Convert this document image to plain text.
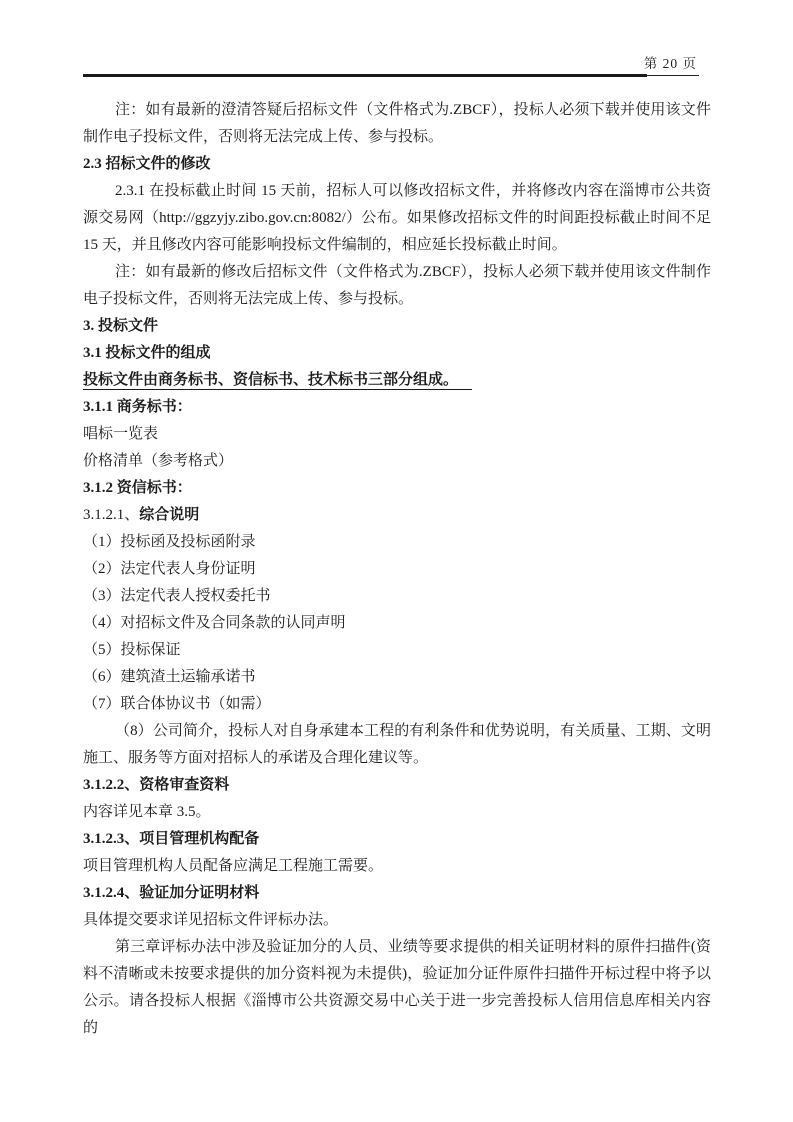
第 20 页

注：如有最新的澄清答疑后招标文件（文件格式为.ZBCF），投标人必须下载并使用该文件制作电子投标文件，否则将无法完成上传、参与投标。

2.3 招标文件的修改

2.3.1 在投标截止时间 15 天前，招标人可以修改招标文件，并将修改内容在淄博市公共资源交易网（http://ggzyjy.zibo.gov.cn:8082/）公布。如果修改招标文件的时间距投标截止时间不足 15 天，并且修改内容可能影响投标文件编制的，相应延长投标截止时间。

注：如有最新的修改后招标文件（文件格式为.ZBCF），投标人必须下载并使用该文件制作电子投标文件，否则将无法完成上传、参与投标。

3. 投标文件

3.1 投标文件的组成

投标文件由商务标书、资信标书、技术标书三部分组成。

3.1.1 商务标书：

唱标一览表

价格清单（参考格式）

3.1.2 资信标书：

3.1.2.1、综合说明

（1）投标函及投标函附录

（2）法定代表人身份证明

（3）法定代表人授权委托书

（4）对招标文件及合同条款的认同声明

（5）投标保证

（6）建筑渣土运输承诺书

（7）联合体协议书（如需）

（8）公司简介，投标人对自身承建本工程的有利条件和优势说明，有关质量、工期、文明施工、服务等方面对招标人的承诺及合理化建议等。

3.1.2.2、资格审查资料

内容详见本章 3.5。

3.1.2.3、项目管理机构配备

项目管理机构人员配备应满足工程施工需要。

3.1.2.4、验证加分证明材料

具体提交要求详见招标文件评标办法。

第三章评标办法中涉及验证加分的人员、业绩等要求提供的相关证明材料的原件扫描件(资料不清晰或未按要求提供的加分资料视为未提供)，验证加分证件原件扫描件开标过程中将予以公示。请各投标人根据《淄博市公共资源交易中心关于进一步完善投标人信用信息库相关内容的
